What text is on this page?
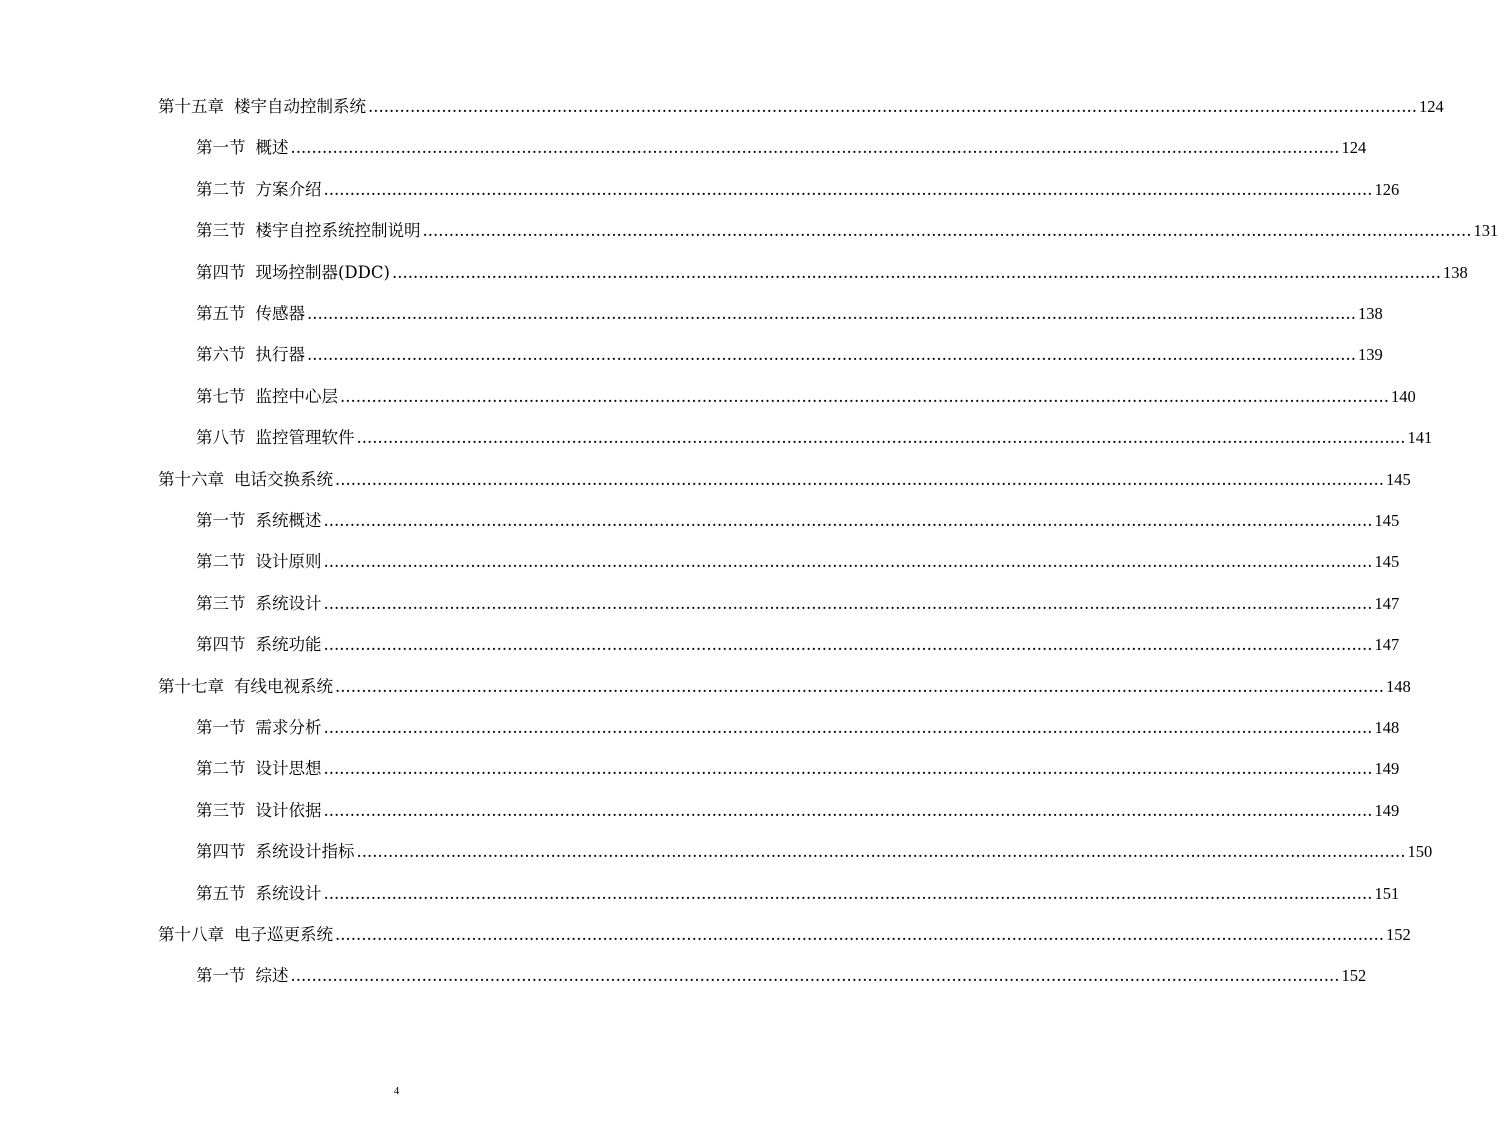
第十五章 楼宇自动控制系统 ........................................................................................................................................................................................................ 124
第一节 概述 ........................................................................................................................................................................................................ 124
第二节 方案介绍 ........................................................................................................................................................................................................ 126
第三节 楼宇自控系统控制说明 ........................................................................................................................................................................................................ 131
第四节 现场控制器(DDC) ........................................................................................................................................................................................................ 138
第五节 传感器 ........................................................................................................................................................................................................ 138
第六节 执行器 ........................................................................................................................................................................................................ 139
第七节 监控中心层 ........................................................................................................................................................................................................ 140
第八节 监控管理软件 ........................................................................................................................................................................................................ 141
第十六章 电话交换系统 ........................................................................................................................................................................................................ 145
第一节 系统概述 ........................................................................................................................................................................................................ 145
第二节 设计原则 ........................................................................................................................................................................................................ 145
第三节 系统设计 ........................................................................................................................................................................................................ 147
第四节 系统功能 ........................................................................................................................................................................................................ 147
第十七章 有线电视系统 ........................................................................................................................................................................................................ 148
第一节 需求分析 ........................................................................................................................................................................................................ 148
第二节 设计思想 ........................................................................................................................................................................................................ 149
第三节 设计依据 ........................................................................................................................................................................................................ 149
第四节 系统设计指标 ........................................................................................................................................................................................................ 150
第五节 系统设计 ........................................................................................................................................................................................................ 151
第十八章 电子巡更系统 ........................................................................................................................................................................................................ 152
第一节 综述 ........................................................................................................................................................................................................ 152
4
